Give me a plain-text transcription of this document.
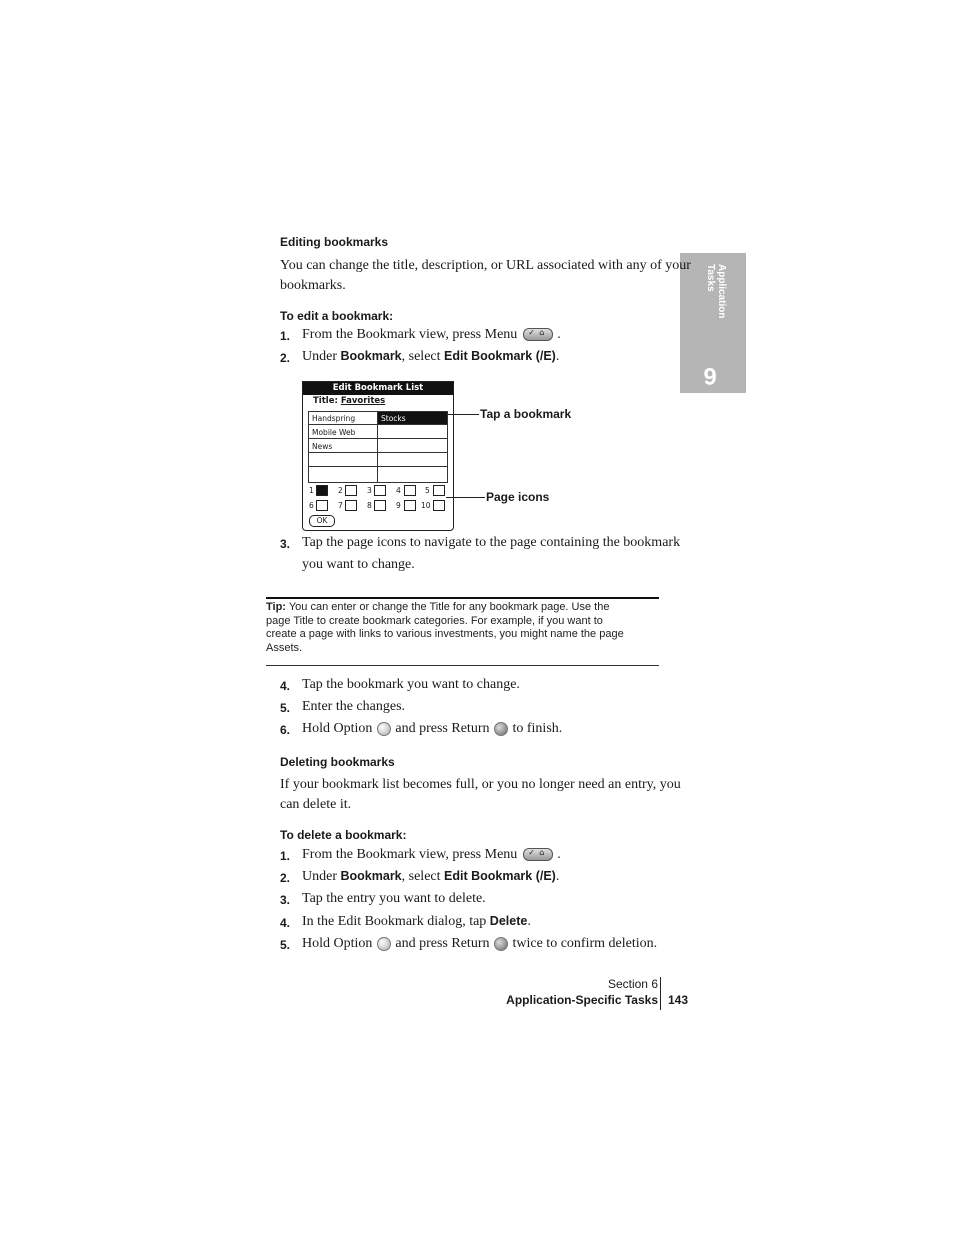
Application
Tasks
6
Editing bookmarks
You can change the title, description, or URL associated with any of your
bookmarks.
To edit a bookmark:
1. From the Bookmark view, press Menu ✓ ⌂ .
2. Under Bookmark, select Edit Bookmark (/E).
Edit Bookmark List
Title: Favorites
Handspring	Stocks
Mobile Web
News
1	2	3	4	5
6	7	8	9	10
OK
Tap a bookmark
Page icons
3. Tap the page icons to navigate to the page containing the bookmark
you want to change.
Tip: You can enter or change the Title for any bookmark page. Use the
page Title to create bookmark categories. For example, if you want to
create a page with links to various investments, you might name the page
Assets.
4. Tap the bookmark you want to change.
5. Enter the changes.
6. Hold Option and press Return to finish.
Deleting bookmarks
If your bookmark list becomes full, or you no longer need an entry, you
can delete it.
To delete a bookmark:
1. From the Bookmark view, press Menu ✓ ⌂ .
2. Under Bookmark, select Edit Bookmark (/E).
3. Tap the entry you want to delete.
4. In the Edit Bookmark dialog, tap Delete.
5. Hold Option and press Return twice to confirm deletion.
Section 6
Application-Specific Tasks 143
